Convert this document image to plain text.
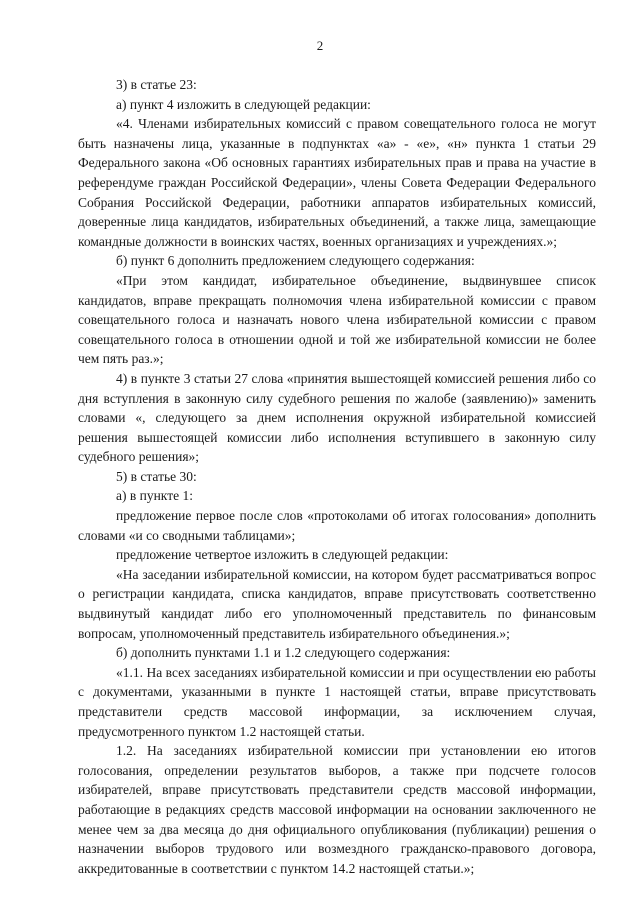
2

3) в статье 23:

а) пункт 4 изложить в следующей редакции:

«4. Членами избирательных комиссий с правом совещательного голоса не могут быть назначены лица, указанные в подпунктах «а» - «е», «н» пункта 1 статьи 29 Федерального закона «Об основных гарантиях избирательных прав и права на участие в референдуме граждан Российской Федерации», члены Совета Федерации Федерального Собрания Российской Федерации, работники аппаратов избирательных комиссий, доверенные лица кандидатов, избирательных объединений, а также лица, замещающие командные должности в воинских частях, военных организациях и учреждениях.»;

б) пункт 6 дополнить предложением следующего содержания:

«При этом кандидат, избирательное объединение, выдвинувшее список кандидатов, вправе прекращать полномочия члена избирательной комиссии с правом совещательного голоса и назначать нового члена избирательной комиссии с правом совещательного голоса в отношении одной и той же избирательной комиссии не более чем пять раз.»;

4) в пункте 3 статьи 27 слова «принятия вышестоящей комиссией решения либо со дня вступления в законную силу судебного решения по жалобе (заявлению)» заменить словами «, следующего за днем исполнения окружной избирательной комиссией решения вышестоящей комиссии либо исполнения вступившего в законную силу судебного решения»;

5) в статье 30:

а) в пункте 1:

предложение первое после слов «протоколами об итогах голосования» дополнить словами «и со сводными таблицами»;

предложение четвертое изложить в следующей редакции:

«На заседании избирательной комиссии, на котором будет рассматриваться вопрос о регистрации кандидата, списка кандидатов, вправе присутствовать соответственно выдвинутый кандидат либо его уполномоченный представитель по финансовым вопросам, уполномоченный представитель избирательного объединения.»;

б) дополнить пунктами 1.1 и 1.2 следующего содержания:

«1.1. На всех заседаниях избирательной комиссии и при осуществлении ею работы с документами, указанными в пункте 1 настоящей статьи, вправе присутствовать представители средств массовой информации, за исключением случая, предусмотренного пунктом 1.2 настоящей статьи.

1.2. На заседаниях избирательной комиссии при установлении ею итогов голосования, определении результатов выборов, а также при подсчете голосов избирателей, вправе присутствовать представители средств массовой информации, работающие в редакциях средств массовой информации на основании заключенного не менее чем за два месяца до дня официального опубликования (публикации) решения о назначении выборов трудового или возмездного гражданско-правового договора, аккредитованные в соответствии с пунктом 14.2 настоящей статьи.»;
